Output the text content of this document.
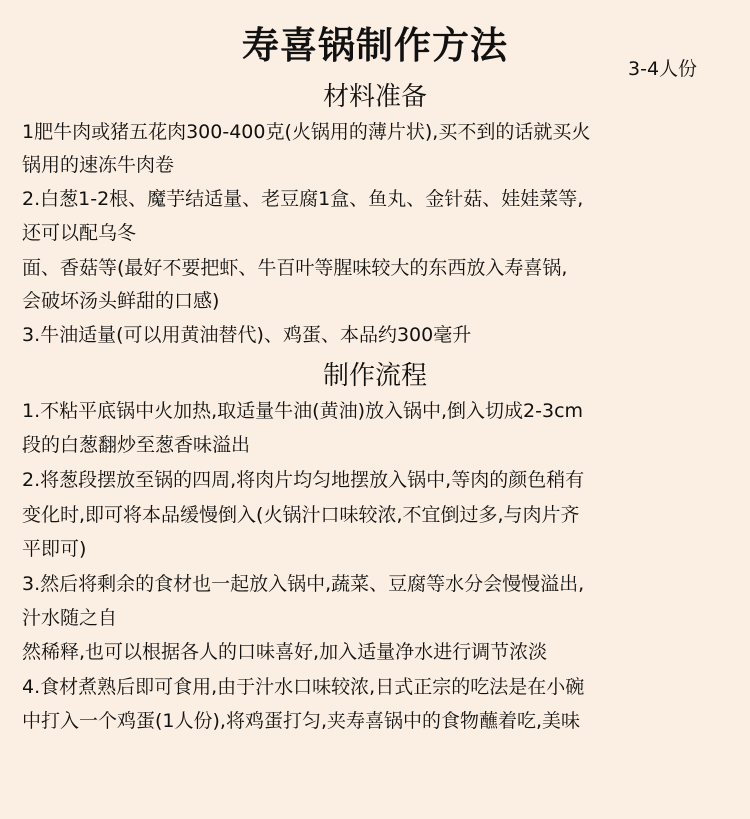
寿喜锅制作方法
3-4人份
材料准备

1肥牛肉或猪五花肉300-400克(火锅用的薄片状),买不到的话就买火

锅用的速冻牛肉卷

2.白葱1-2根、魔芋结适量、老豆腐1盒、鱼丸、金针菇、娃娃菜等,

还可以配乌冬

面、香菇等(最好不要把虾、牛百叶等腥味较大的东西放入寿喜锅,

会破坏汤头鲜甜的口感)

3.牛油适量(可以用黄油替代)、鸡蛋、本品约300毫升

制作流程

1.不粘平底锅中火加热,取适量牛油(黄油)放入锅中,倒入切成2-3cm

段的白葱翻炒至葱香味溢出

2.将葱段摆放至锅的四周,将肉片均匀地摆放入锅中,等肉的颜色稍有

变化时,即可将本品缓慢倒入(火锅汁口味较浓,不宜倒过多,与肉片齐

平即可)

3.然后将剩余的食材也一起放入锅中,蔬菜、豆腐等水分会慢慢溢出,

汁水随之自

然稀释,也可以根据各人的口味喜好,加入适量净水进行调节浓淡

4.食材煮熟后即可食用,由于汁水口味较浓,日式正宗的吃法是在小碗

中打入一个鸡蛋(1人份),将鸡蛋打匀,夹寿喜锅中的食物蘸着吃,美味
